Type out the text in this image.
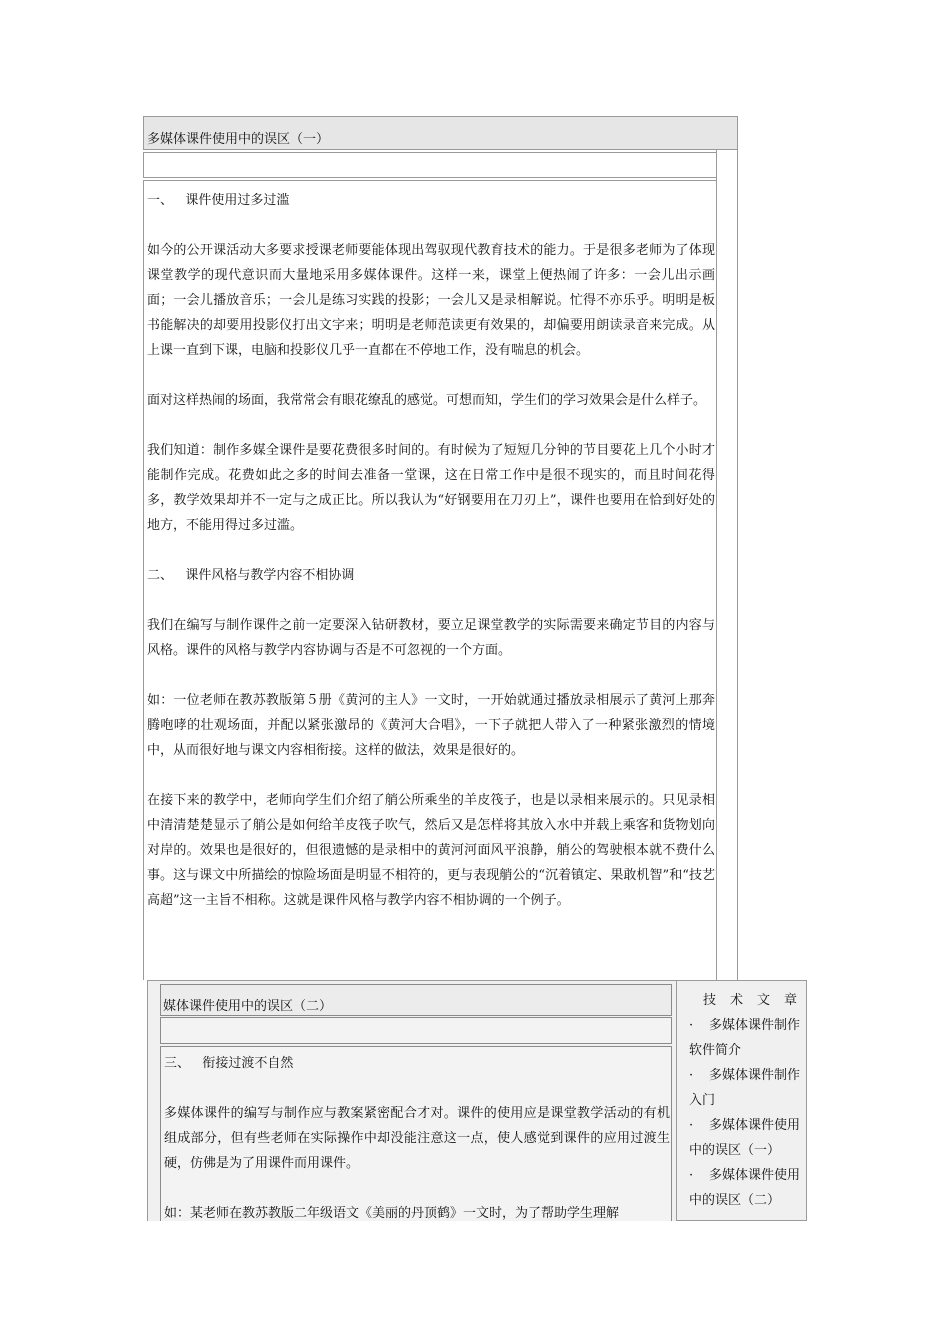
多媒体课件使用中的误区（一）

一、 课件使用过多过滥

如今的公开课活动大多要求授课老师要能体现出驾驭现代教育技术的能力。于是很多老师为了体现课堂教学的现代意识而大量地采用多媒体课件。这样一来，课堂上便热闹了许多：一会儿出示画面；一会儿播放音乐；一会儿是练习实践的投影；一会儿又是录相解说。忙得不亦乐乎。明明是板书能解决的却要用投影仪打出文字来；明明是老师范读更有效果的，却偏要用朗读录音来完成。从上课一直到下课，电脑和投影仪几乎一直都在不停地工作，没有喘息的机会。

面对这样热闹的场面，我常常会有眼花缭乱的感觉。可想而知，学生们的学习效果会是什么样子。

我们知道：制作多媒全课件是要花费很多时间的。有时候为了短短几分钟的节目要花上几个小时才能制作完成。花费如此之多的时间去准备一堂课，这在日常工作中是很不现实的，而且时间花得多，教学效果却并不一定与之成正比。所以我认为“好钢要用在刀刃上”，课件也要用在恰到好处的地方，不能用得过多过滥。

二、 课件风格与教学内容不相协调

我们在编写与制作课件之前一定要深入钻研教材，要立足课堂教学的实际需要来确定节目的内容与风格。课件的风格与教学内容协调与否是不可忽视的一个方面。

如：一位老师在教苏教版第５册《黄河的主人》一文时，一开始就通过播放录相展示了黄河上那奔腾咆哮的壮观场面，并配以紧张激昂的《黄河大合唱》，一下子就把人带入了一种紧张激烈的情境中，从而很好地与课文内容相衔接。这样的做法，效果是很好的。

在接下来的教学中，老师向学生们介绍了艄公所乘坐的羊皮筏子，也是以录相来展示的。只见录相中清清楚楚显示了艄公是如何给羊皮筏子吹气，然后又是怎样将其放入水中并载上乘客和货物划向对岸的。效果也是很好的，但很遗憾的是录相中的黄河河面风平浪静，艄公的驾驶根本就不费什么事。这与课文中所描绘的惊险场面是明显不相符的，更与表现艄公的“沉着镇定、果敢机智”和“技艺高超”这一主旨不相称。这就是课件风格与教学内容不相协调的一个例子。

媒体课件使用中的误区（二）

三、 衔接过渡不自然

多媒体课件的编写与制作应与教案紧密配合才对。课件的使用应是课堂教学活动的有机组成部分，但有些老师在实际操作中却没能注意这一点，使人感觉到课件的应用过渡生硬，仿佛是为了用课件而用课件。

如：某老师在教苏教版二年级语文《美丽的丹顶鹤》一文时，为了帮助学生理解

技术文章
· 多媒体课件制作软件简介
· 多媒体课件制作入门
· 多媒体课件使用中的误区（一）
· 多媒体课件使用中的误区（二）
